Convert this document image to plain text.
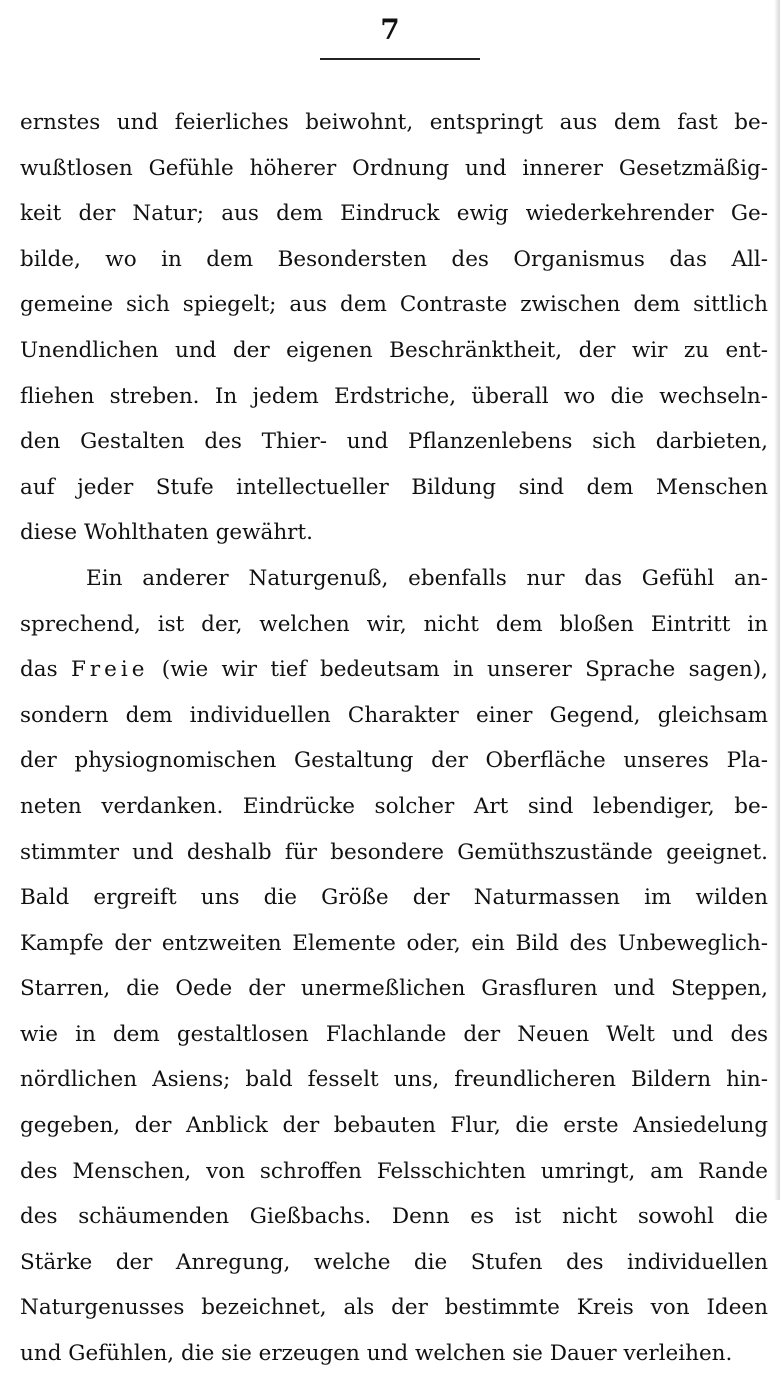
7
ernstes und feierliches beiwohnt, entspringt aus dem fast be-
wußtlosen Gefühle höherer Ordnung und innerer Gesetzmäßig-
keit der Natur; aus dem Eindruck ewig wiederkehrender Ge-
bilde, wo in dem Besondersten des Organismus das All-
gemeine sich spiegelt; aus dem Contraste zwischen dem sittlich
Unendlichen und der eigenen Beschränktheit, der wir zu ent-
fliehen streben. In jedem Erdstriche, überall wo die wechseln-
den Gestalten des Thier- und Pflanzenlebens sich darbieten,
auf jeder Stufe intellectueller Bildung sind dem Menschen
diese Wohlthaten gewährt.
Ein anderer Naturgenuß, ebenfalls nur das Gefühl an-
sprechend, ist der, welchen wir, nicht dem bloßen Eintritt in
das Freie (wie wir tief bedeutsam in unserer Sprache sagen),
sondern dem individuellen Charakter einer Gegend, gleichsam
der physiognomischen Gestaltung der Oberfläche unseres Pla-
neten verdanken. Eindrücke solcher Art sind lebendiger, be-
stimmter und deshalb für besondere Gemüthszustände geeignet.
Bald ergreift uns die Größe der Naturmassen im wilden
Kampfe der entzweiten Elemente oder, ein Bild des Unbeweglich-
Starren, die Oede der unermeßlichen Grasfluren und Steppen,
wie in dem gestaltlosen Flachlande der Neuen Welt und des
nördlichen Asiens; bald fesselt uns, freundlicheren Bildern hin-
gegeben, der Anblick der bebauten Flur, die erste Ansiedelung
des Menschen, von schroffen Felsschichten umringt, am Rande
des schäumenden Gießbachs. Denn es ist nicht sowohl die
Stärke der Anregung, welche die Stufen des individuellen
Naturgenusses bezeichnet, als der bestimmte Kreis von Ideen
und Gefühlen, die sie erzeugen und welchen sie Dauer verleihen.
